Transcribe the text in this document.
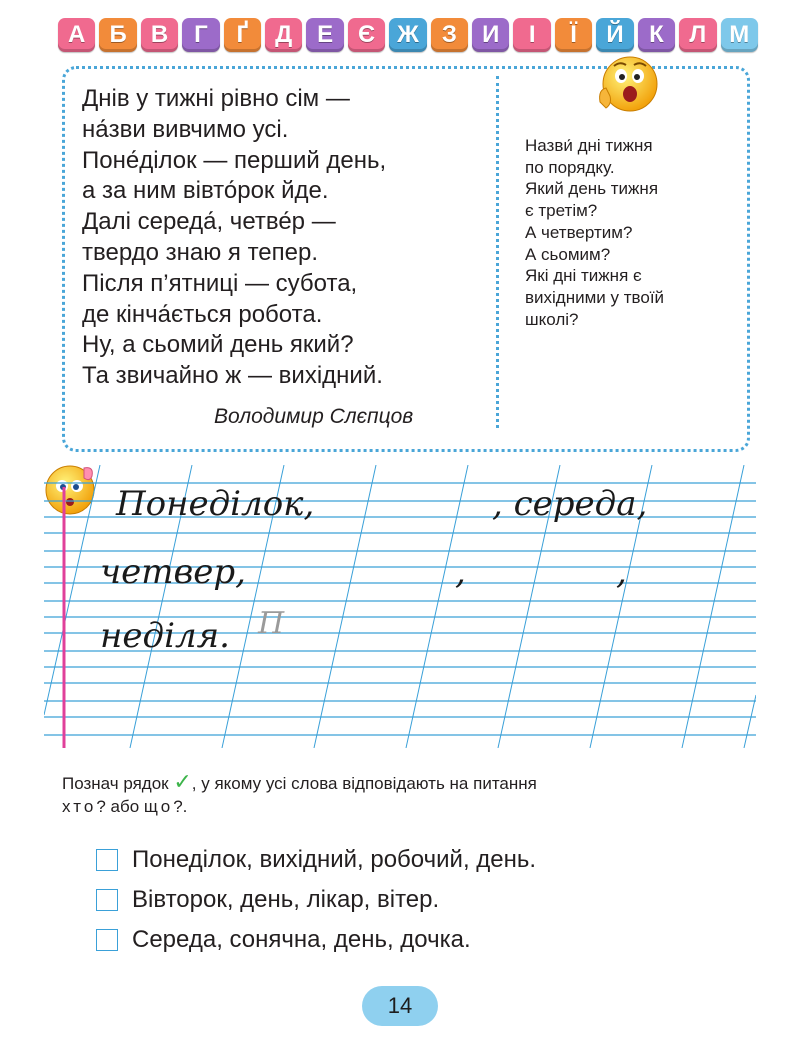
А	Б	В	Г	Ґ	Д	Е	Є Ж З	И	І	Ї	Й	К	Л М
Днів у тижні рівно сім —
на́зви вивчимо усі.
Поне́ділок — перший день,
а за ним вівто́рок йде.
Далі середа́, четве́р —
твердо знаю я тепер.
Після п’ятниці — субота,
де кінча́ється робота.
Ну, а сьомий день який?
Та звичайно ж — вихідний.
Володимир Слєпцов
Назви́ дні тижня
по порядку.
Який день тижня
є третім?
А четвертим?
А сьомим?
Які дні тижня є
вихідними у твоїй
школі?
Понеділок,	, середа,
четвер,	,	,
неділя. П
Познач рядок ✓, у якому усі слова відповідають на питання
хто? або що?.
Понеділок, вихідний, робочий, день.
Вівторок, день, лікар, вітер.
Середа, сонячна, день, дочка.
14
